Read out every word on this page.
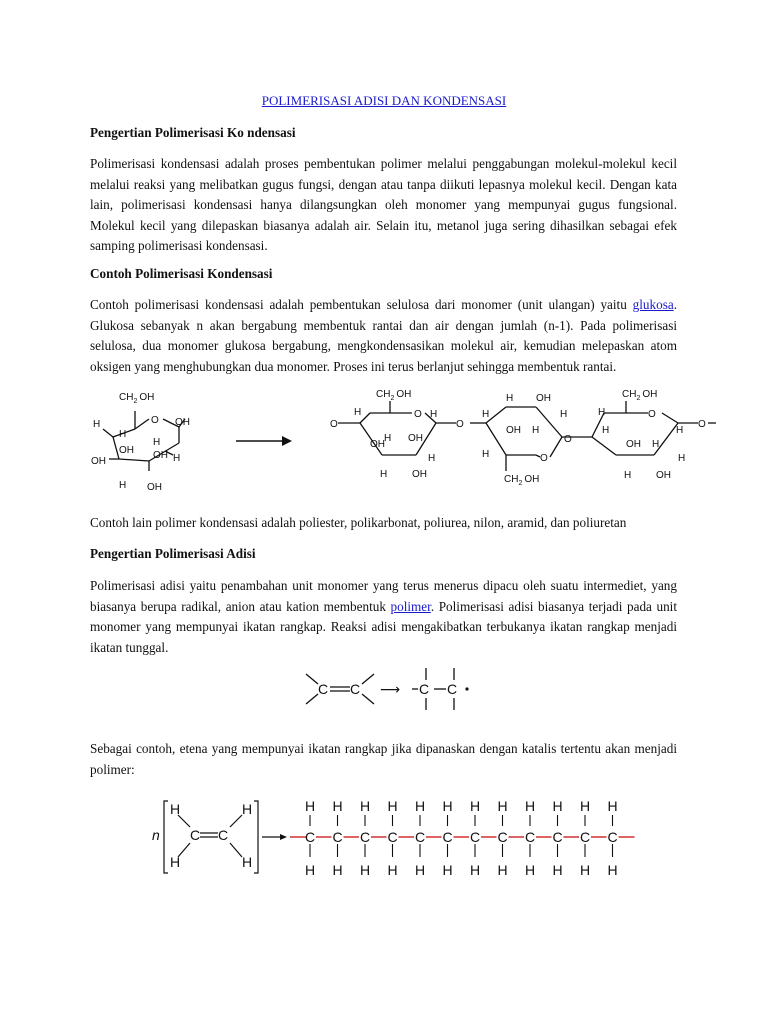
POLIMERISASI ADISI DAN KONDENSASI
Pengertian Polimerisasi Ko ndensasi
Polimerisasi kondensasi adalah proses pembentukan polimer melalui penggabungan molekul-molekul kecil melalui reaksi yang melibatkan gugus fungsi, dengan atau tanpa diikuti lepasnya molekul kecil. Dengan kata lain, polimerisasi kondensasi hanya dilangsungkan oleh monomer yang mempunyai gugus fungsional. Molekul kecil yang dilepaskan biasanya adalah air. Selain itu, metanol juga sering dihasilkan sebagai efek samping polimerisasi kondensasi.
Contoh Polimerisasi Kondensasi
Contoh polimerisasi kondensasi adalah pembentukan selulosa dari monomer (unit ulangan) yaitu glukosa. Glukosa sebanyak n akan bergabung membentuk rantai dan air dengan jumlah (n-1). Pada polimerisasi selulosa, dua monomer glukosa bergabung, mengkondensasikan molekul air, kemudian melepaskan atom oksigen yang menghubungkan dua monomer. Proses ini terus berlanjut sehingga membentuk rantai.
$CH_2$ OH
O
H
H
OH
H
OH OH H
OH
H OH
O
$CH_2$ OH
O
H
H OH
H
OH
H
H OH
O
H OH
H
OH H
H
O
H
$CH_2$ OH
O
$CH_2$ OH
O
H
H
OH H
H
H
H OH
O
Contoh lain polimer kondensasi adalah poliester, polikarbonat, poliurea, nilon, aramid, dan poliuretan
Pengertian Polimerisasi Adisi
Polimerisasi adisi yaitu penambahan unit monomer yang terus menerus dipacu oleh suatu intermediet, yang biasanya berupa radikal, anion atau kation membentuk polimer. Polimerisasi adisi biasanya terjadi pada unit monomer yang mempunyai ikatan rangkap. Reaksi adisi mengakibatkan terbukanya ikatan rangkap menjadi ikatan tunggal.
C C ⟶ C C
Sebagai contoh, etena yang mempunyai ikatan rangkap jika dipanaskan dengan katalis tertentu akan menjadi polimer:
n
H
H
C C
H
H
C
H
H
C
H
H
C
H
H
C
H
H
C
H
H
C
H
H
C
H
H
C
H
H
C
H
H
C
H
H
C
H
H
C
H
H
